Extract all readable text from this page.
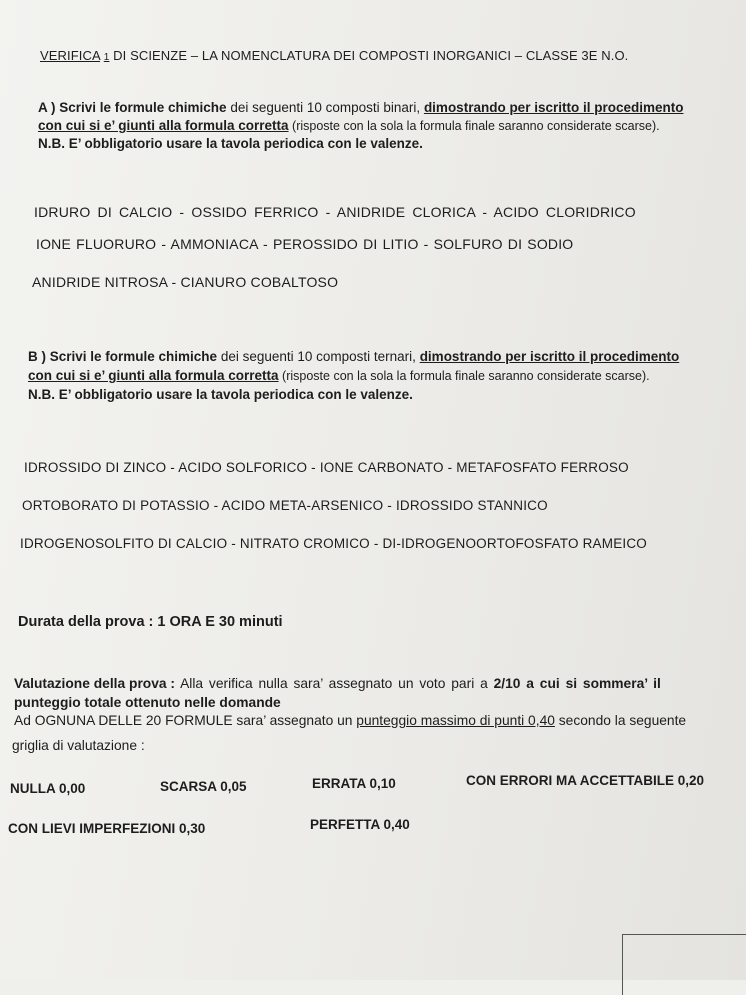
VERIFICA 1 DI SCIENZE – LA NOMENCLATURA DEI COMPOSTI INORGANICI – CLASSE 3E N.O.
A ) Scrivi le formule chimiche dei seguenti 10 composti binari, dimostrando per iscritto il procedimento
con cui si e’ giunti alla formula corretta (risposte con la sola la formula finale saranno considerate scarse).
N.B. E’ obbligatorio usare la tavola periodica con le valenze.
IDRURO DI CALCIO - OSSIDO FERRICO - ANIDRIDE CLORICA - ACIDO CLORIDRICO
IONE FLUORURO - AMMONIACA - PEROSSIDO DI LITIO - SOLFURO DI SODIO
ANIDRIDE NITROSA - CIANURO COBALTOSO
B ) Scrivi le formule chimiche dei seguenti 10 composti ternari, dimostrando per iscritto il procedimento
con cui si e’ giunti alla formula corretta (risposte con la sola la formula finale saranno considerate scarse).
N.B. E’ obbligatorio usare la tavola periodica con le valenze.
IDROSSIDO DI ZINCO - ACIDO SOLFORICO - IONE CARBONATO - METAFOSFATO FERROSO
ORTOBORATO DI POTASSIO - ACIDO META-ARSENICO - IDROSSIDO STANNICO
IDROGENOSOLFITO DI CALCIO - NITRATO CROMICO - DI-IDROGENOORTOFOSFATO RAMEICO
Durata della prova : 1 ORA E 30 minuti
Valutazione della prova : Alla verifica nulla sara’ assegnato un voto pari a 2/10 a cui si sommera’ il
punteggio totale ottenuto nelle domande
Ad OGNUNA DELLE 20 FORMULE sara’ assegnato un punteggio massimo di punti 0,40 secondo la seguente
griglia di valutazione :
NULLA 0,00	SCARSA 0,05	ERRATA 0,10	CON ERRORI MA ACCETTABILE 0,20
CON LIEVI IMPERFEZIONI 0,30	PERFETTA 0,40
